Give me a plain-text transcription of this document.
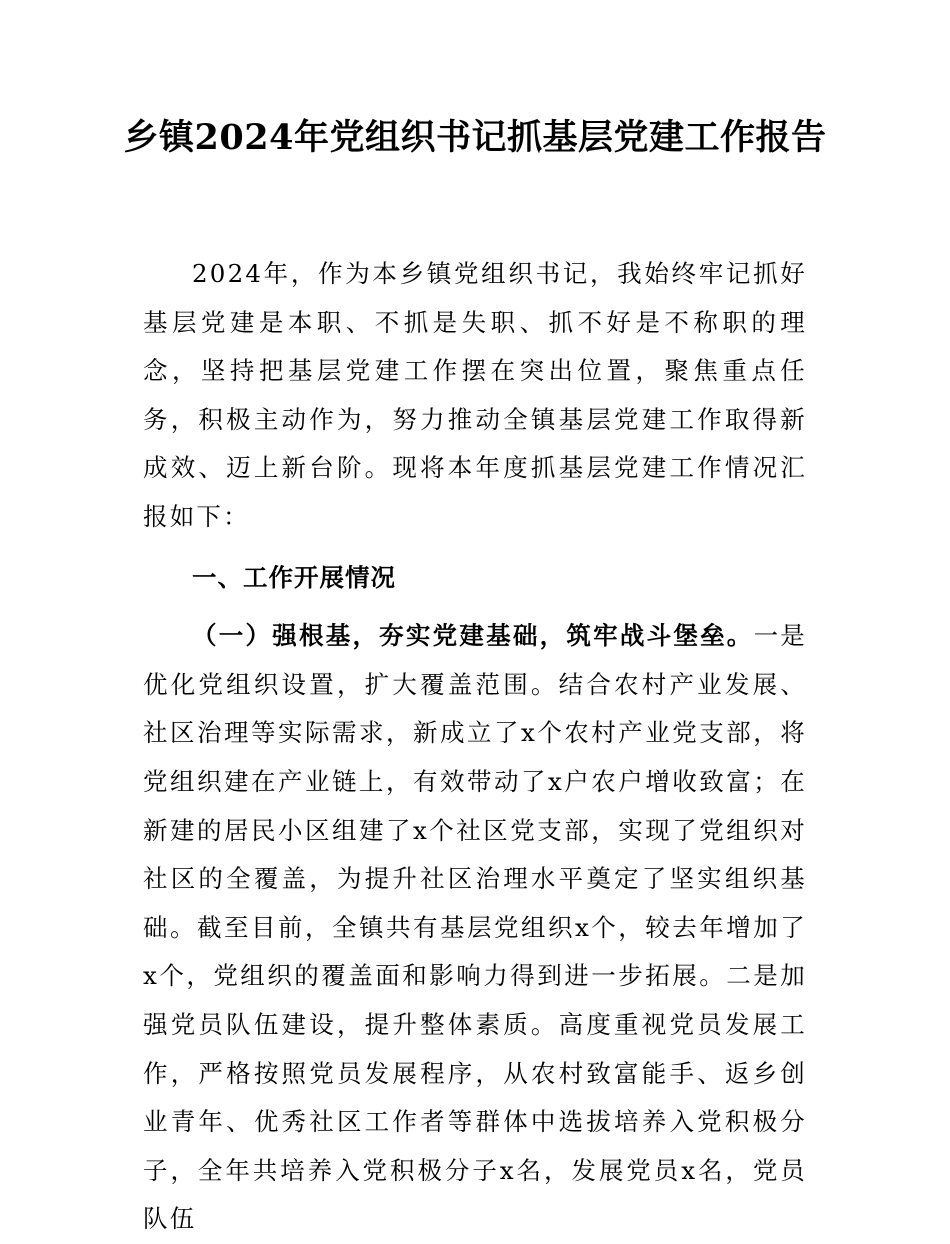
乡镇2024年党组织书记抓基层党建工作报告

2024年，作为本乡镇党组织书记，我始终牢记抓好基层党建是本职、不抓是失职、抓不好是不称职的理念，坚持把基层党建工作摆在突出位置，聚焦重点任务，积极主动作为，努力推动全镇基层党建工作取得新成效、迈上新台阶。现将本年度抓基层党建工作情况汇报如下：

一、工作开展情况

（一）强根基，夯实党建基础，筑牢战斗堡垒。一是优化党组织设置，扩大覆盖范围。结合农村产业发展、社区治理等实际需求，新成立了x个农村产业党支部，将党组织建在产业链上，有效带动了x户农户增收致富；在新建的居民小区组建了x个社区党支部，实现了党组织对社区的全覆盖，为提升社区治理水平奠定了坚实组织基础。截至目前，全镇共有基层党组织x个，较去年增加了x个，党组织的覆盖面和影响力得到进一步拓展。二是加强党员队伍建设，提升整体素质。高度重视党员发展工作，严格按照党员发展程序，从农村致富能手、返乡创业青年、优秀社区工作者等群体中选拔培养入党积极分子，全年共培养入党积极分子x名，发展党员x名，党员队伍
